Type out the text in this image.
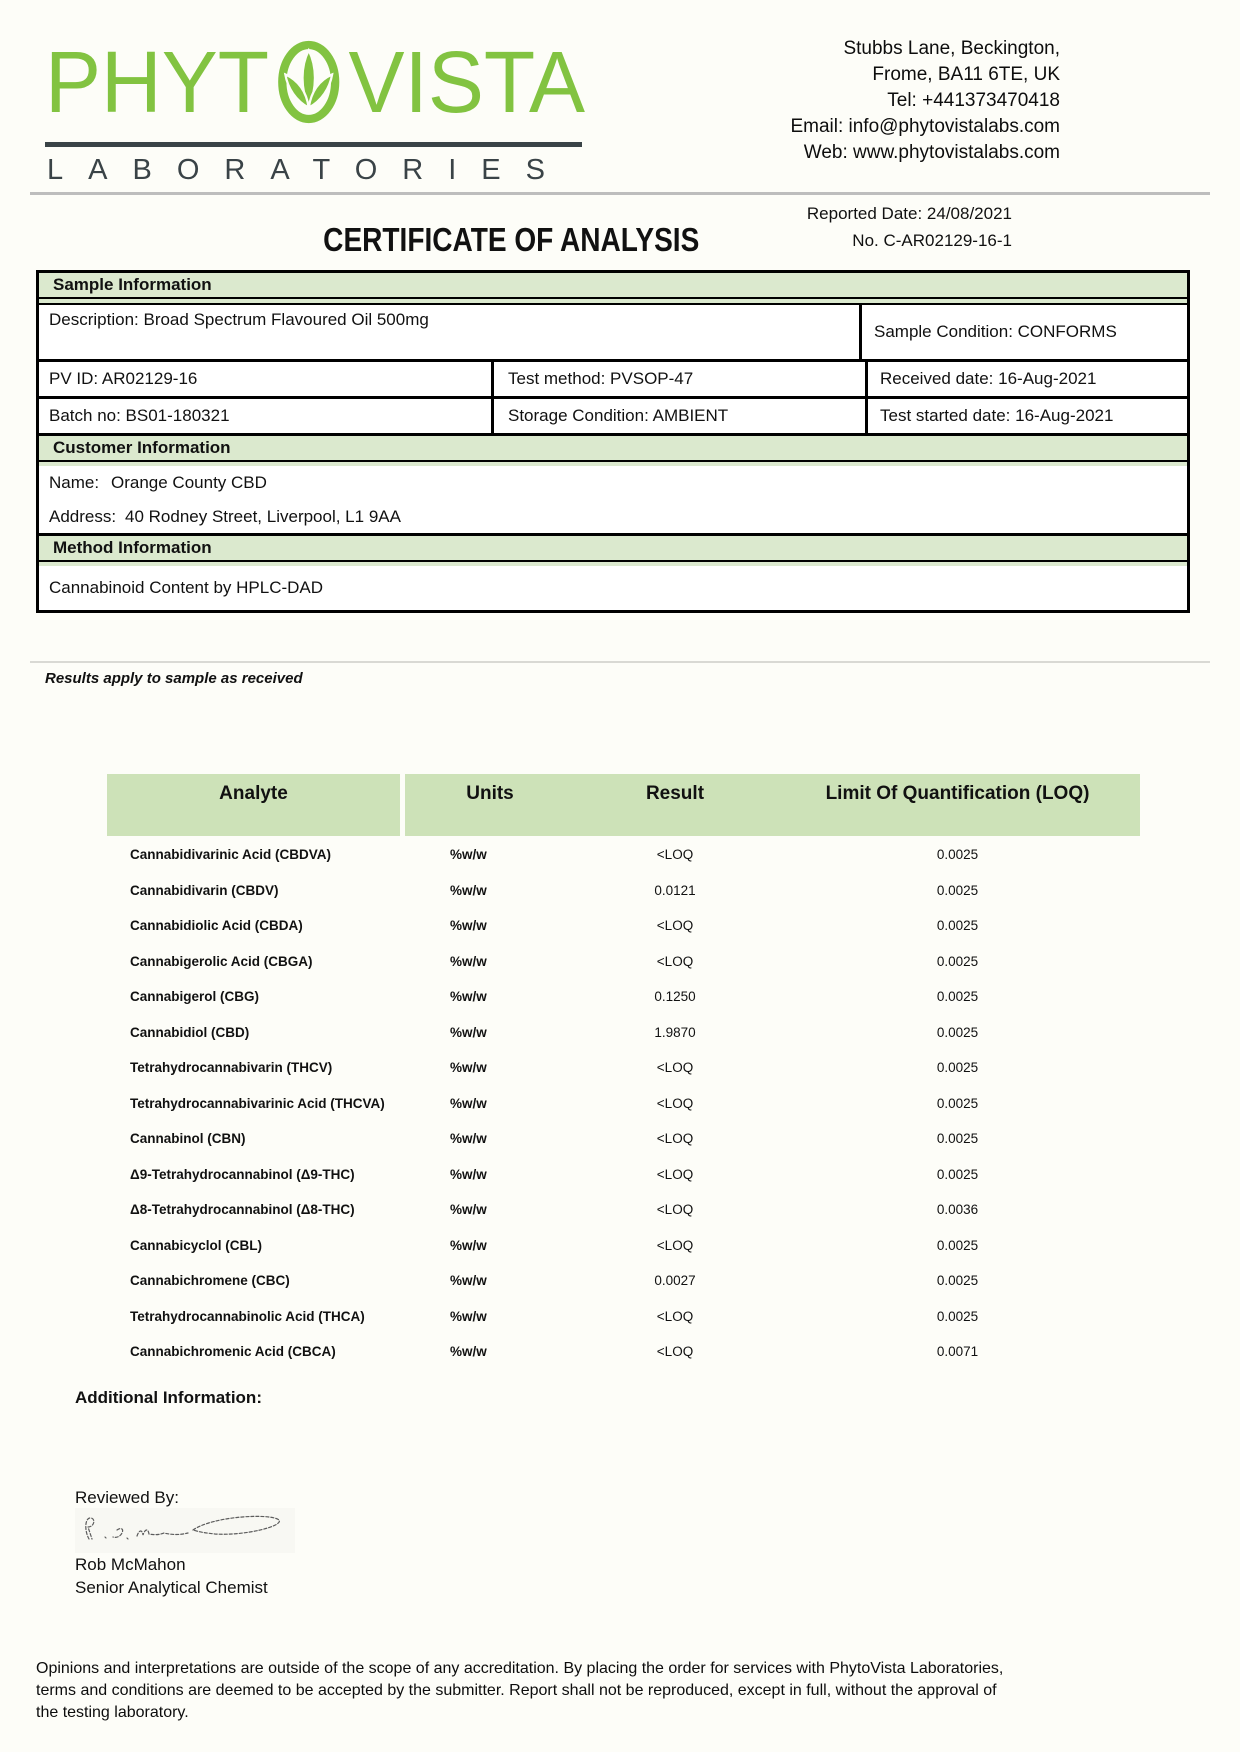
PHYT VISTA
LABORATORIES
Stubbs Lane, Beckington,
Frome, BA11 6TE, UK
Tel: +441373470418
Email: info@phytovistalabs.com
Web: www.phytovistalabs.com
Reported Date: 24/08/2021
No. C-AR02129-16-1
CERTIFICATE OF ANALYSIS
Sample Information
Description: Broad Spectrum Flavoured Oil 500mg
Sample Condition: CONFORMS
PV ID: AR02129-16	Test method: PVSOP-47	Received date: 16-Aug-2021
Batch no: BS01-180321	Storage Condition: AMBIENT	Test started date: 16-Aug-2021
Customer Information
Name: Orange County CBD
Address: 40 Rodney Street, Liverpool, L1 9AA
Method Information
Cannabinoid Content by HPLC-DAD
Results apply to sample as received
Analyte	Units	Result	Limit Of Quantification (LOQ)
Cannabidivarinic Acid (CBDVA)	%w/w	<LOQ	0.0025
Cannabidivarin (CBDV)	%w/w	0.0121	0.0025
Cannabidiolic Acid (CBDA)	%w/w	<LOQ	0.0025
Cannabigerolic Acid (CBGA)	%w/w	<LOQ	0.0025
Cannabigerol (CBG)	%w/w	0.1250	0.0025
Cannabidiol (CBD)	%w/w	1.9870	0.0025
Tetrahydrocannabivarin (THCV)	%w/w	<LOQ	0.0025
Tetrahydrocannabivarinic Acid (THCVA)	%w/w	<LOQ	0.0025
Cannabinol (CBN)	%w/w	<LOQ	0.0025
Δ9-Tetrahydrocannabinol (Δ9-THC)	%w/w	<LOQ	0.0025
Δ8-Tetrahydrocannabinol (Δ8-THC)	%w/w	<LOQ	0.0036
Cannabicyclol (CBL)	%w/w	<LOQ	0.0025
Cannabichromene (CBC)	%w/w	0.0027	0.0025
Tetrahydrocannabinolic Acid (THCA)	%w/w	<LOQ	0.0025
Cannabichromenic Acid (CBCA)	%w/w	<LOQ	0.0071
Additional Information:
Reviewed By:
Rob McMahon
Senior Analytical Chemist
Opinions and interpretations are outside of the scope of any accreditation. By placing the order for services with PhytoVista Laboratories,
terms and conditions are deemed to be accepted by the submitter. Report shall not be reproduced, except in full, without the approval of
the testing laboratory.
